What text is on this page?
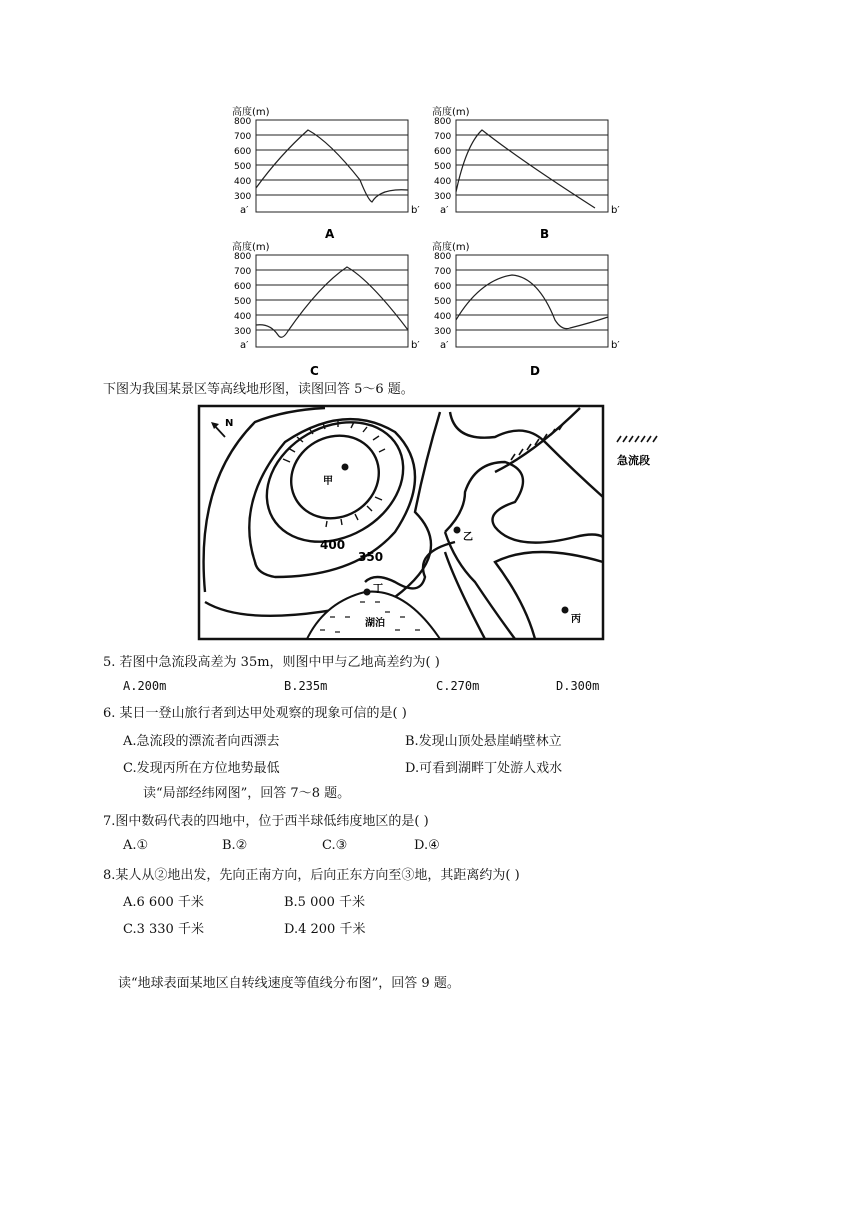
高度(m)
800
700
600
500
400
300
a′	b′
A
高度(m)
800
700
600
500
400
300
a′	b′
B
高度(m)
800
700
600
500
400
300
a′	b′
C
高度(m)
800
700
600
500
400
300
a′	b′
D
下图为我国某景区等高线地形图，读图回答 5～6 题。
N
甲
乙
丙
丁
湖泊
400
350
急流段
5. 若图中急流段高差为 35m，则图中甲与乙地高差约为( )
A.200m	B.235m	C.270m	D.300m
6. 某日一登山旅行者到达甲处观察的现象可信的是( )
A.急流段的漂流者向西漂去	B.发现山顶处悬崖峭壁林立
C.发现丙所在方位地势最低	D.可看到湖畔丁处游人戏水
读“局部经纬网图”，回答 7～8 题。
7.图中数码代表的四地中，位于西半球低纬度地区的是( )
A.①	B.②	C.③	D.④
8.某人从②地出发，先向正南方向，后向正东方向至③地，其距离约为( )
A.6 600 千米	B.5 000 千米
C.3 330 千米	D.4 200 千米
读“地球表面某地区自转线速度等值线分布图”，回答 9 题。
